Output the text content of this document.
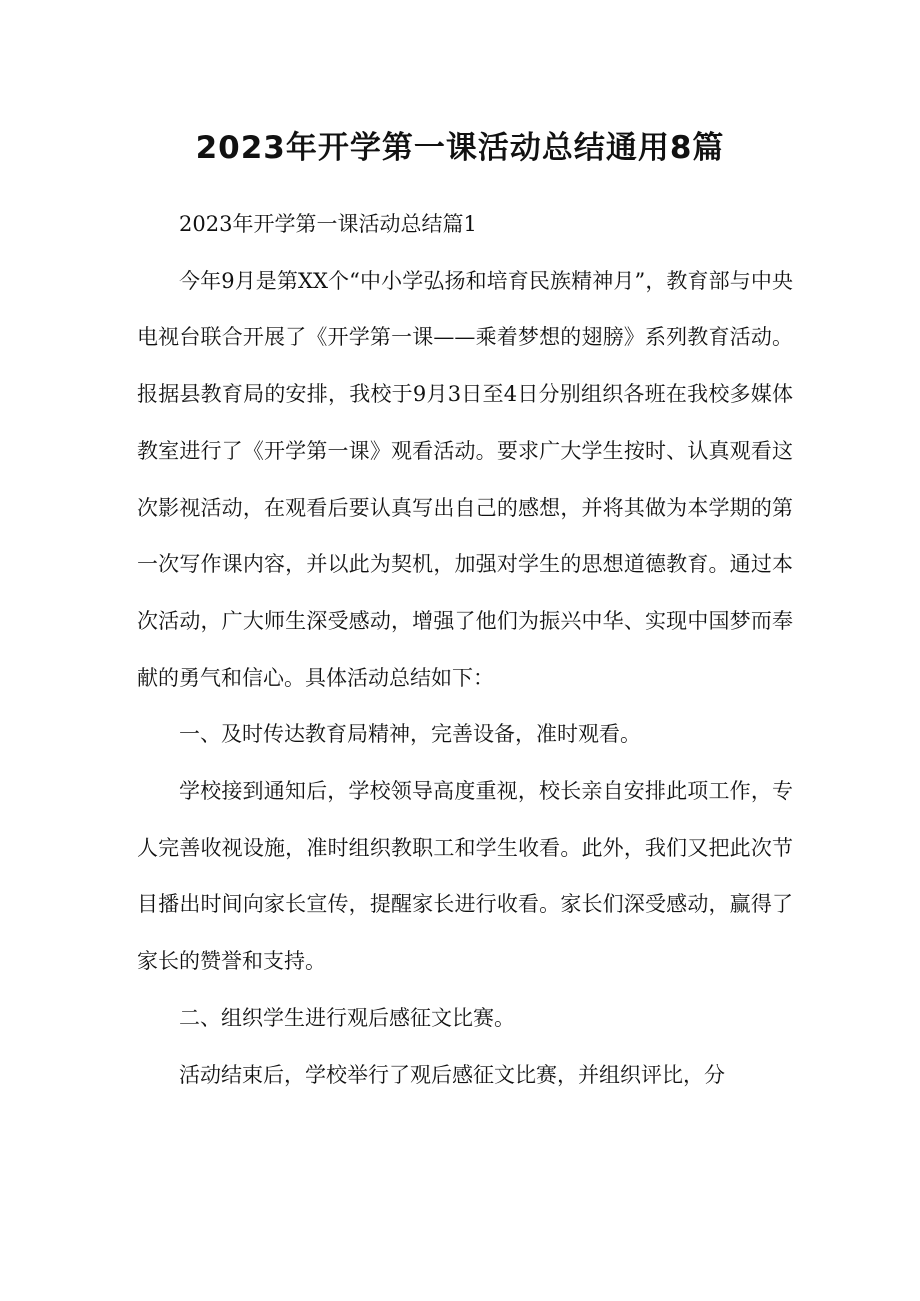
2023年开学第一课活动总结通用8篇

2023年开学第一课活动总结篇1

今年9月是第XX个“中小学弘扬和培育民族精神月”，教育部与中央电视台联合开展了《开学第一课——乘着梦想的翅膀》系列教育活动。报据县教育局的安排，我校于9月3日至4日分别组织各班在我校多媒体教室进行了《开学第一课》观看活动。要求广大学生按时、认真观看这次影视活动，在观看后要认真写出自己的感想，并将其做为本学期的第一次写作课内容，并以此为契机，加强对学生的思想道德教育。通过本次活动，广大师生深受感动，增强了他们为振兴中华、实现中国梦而奉献的勇气和信心。具体活动总结如下：

一、及时传达教育局精神，完善设备，准时观看。

学校接到通知后，学校领导高度重视，校长亲自安排此项工作，专人完善收视设施，准时组织教职工和学生收看。此外，我们又把此次节目播出时间向家长宣传，提醒家长进行收看。家长们深受感动，赢得了家长的赞誉和支持。

二、组织学生进行观后感征文比赛。

活动结束后，学校举行了观后感征文比赛，并组织评比，分
